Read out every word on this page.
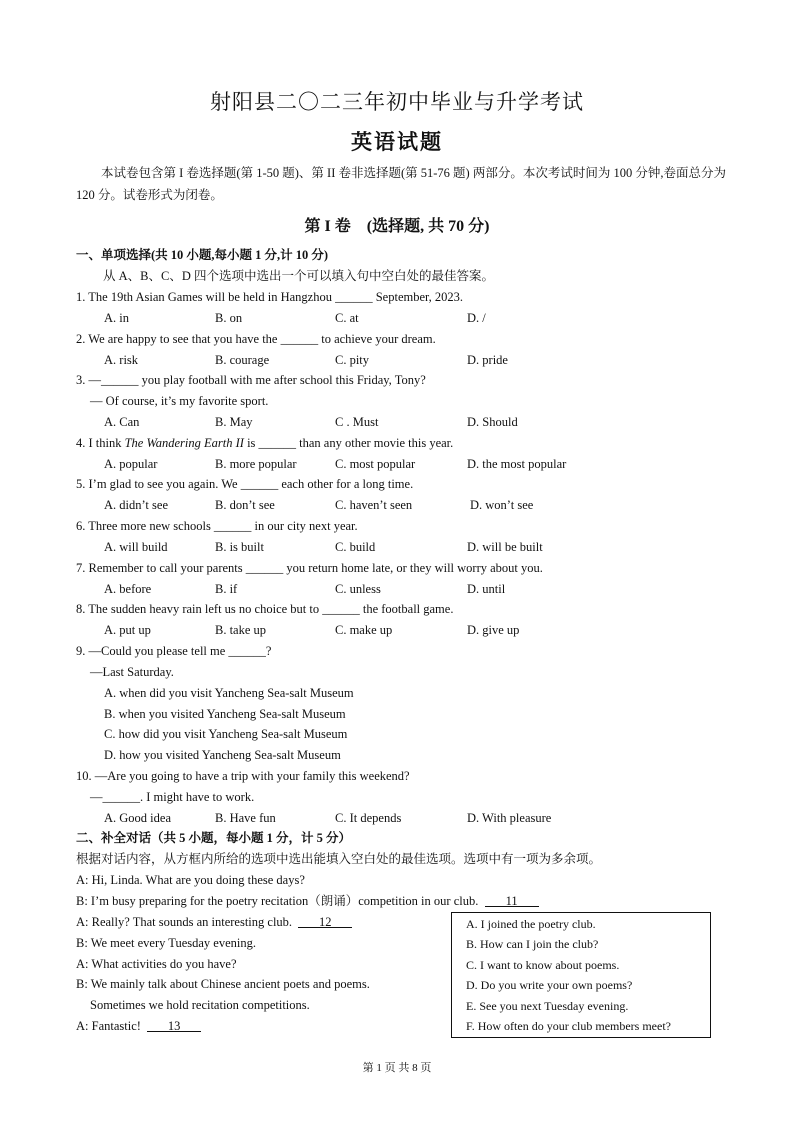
射阳县二〇二三年初中毕业与升学考试
英语试题
本试卷包含第 I 卷选择题(第 1-50 题)、第 II 卷非选择题(第 51-76 题) 两部分。本次考试时间为 100 分钟,卷面总分为 120 分。试卷形式为闭卷。
第 I 卷　(选择题, 共 70 分)
一、单项选择(共 10 小题,每小题 1 分,计 10 分)
从 A、B、C、D 四个选项中选出一个可以填入句中空白处的最佳答案。
1. The 19th Asian Games will be held in Hangzhou ______ September, 2023.
A. in	B. on	C. at	D. /
2. We are happy to see that you have the ______ to achieve your dream.
A. risk	B. courage	C. pity	D. pride
3. —______ you play football with me after school this Friday, Tony?
— Of course, it’s my favorite sport.
A. Can	B. May	C . Must	D. Should
4. I think The Wandering Earth II is ______ than any other movie this year.
A. popular	B. more popular	C. most popular	D. the most popular
5. I’m glad to see you again. We ______ each other for a long time.
A. didn’t see	B. don’t see	C. haven’t seen	D. won’t see
6. Three more new schools ______ in our city next year.
A. will build	B. is built	C. build	D. will be built
7. Remember to call your parents ______ you return home late, or they will worry about you.
A. before	B. if	C. unless	D. until
8. The sudden heavy rain left us no choice but to ______ the football game.
A. put up	B. take up	C. make up	D. give up
9. —Could you please tell me ______?
—Last Saturday.
A. when did you visit Yancheng Sea-salt Museum
B. when you visited Yancheng Sea-salt Museum
C. how did you visit Yancheng Sea-salt Museum
D. how you visited Yancheng Sea-salt Museum
10. —Are you going to have a trip with your family this weekend?
—______. I might have to work.
A. Good idea	B. Have fun	C. It depends	D. With pleasure
二、补全对话（共 5 小题，每小题 1 分，计 5 分）
根据对话内容，从方框内所给的选项中选出能填入空白处的最佳选项。选项中有一项为多余项。
A: Hi, Linda. What are you doing these days?
B: I’m busy preparing for the poetry recitation（朗诵）competition in our club. 11
A: Really? That sounds an interesting club. 12
B: We meet every Tuesday evening.
A: What activities do you have?
B: We mainly talk about Chinese ancient poets and poems.
Sometimes we hold recitation competitions.
A: Fantastic! 13
A. I joined the poetry club.
B. How can I join the club?
C. I want to know about poems.
D. Do you write your own poems?
E. See you next Tuesday evening.
F. How often do your club members meet?
第 1 页 共 8 页
